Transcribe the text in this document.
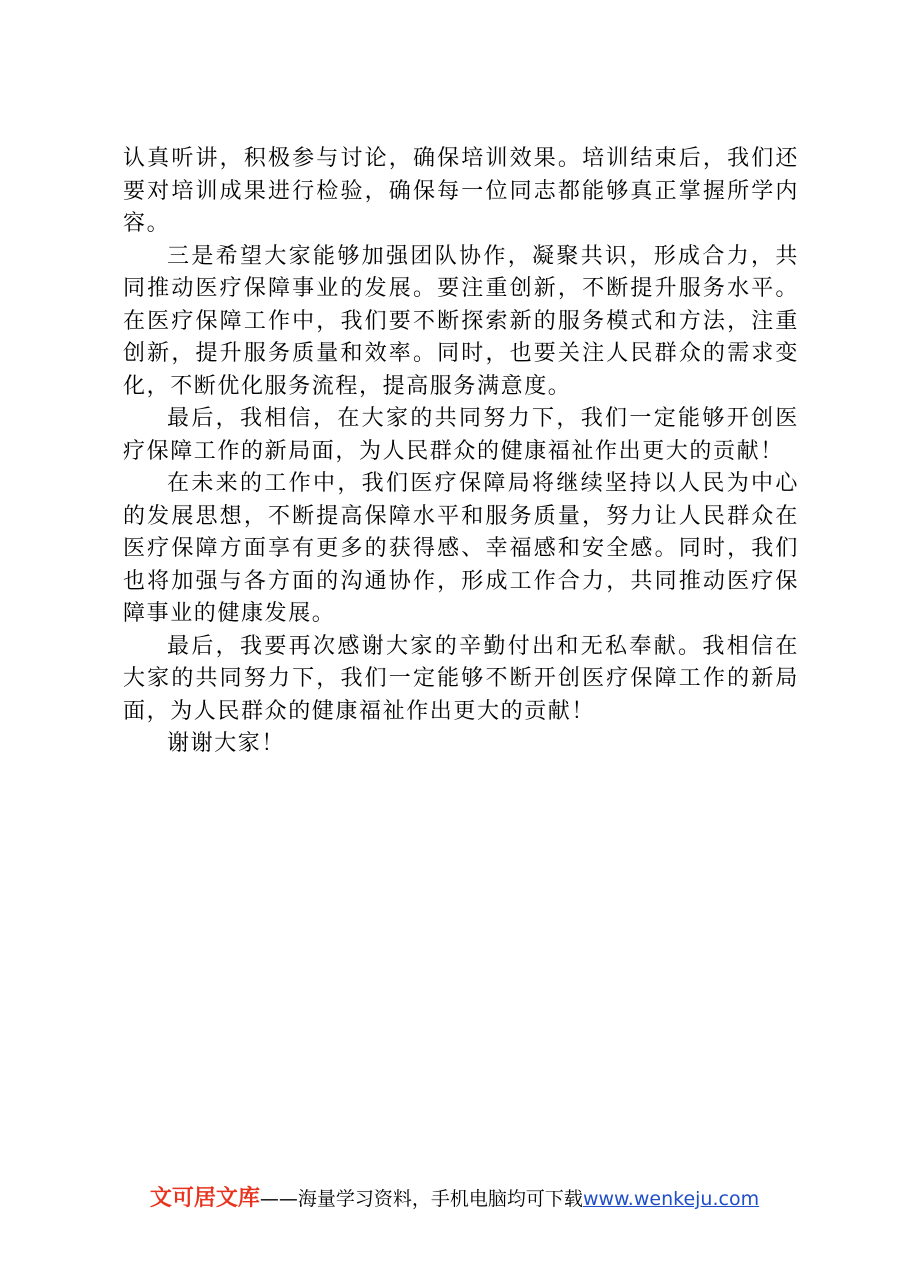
认真听讲，积极参与讨论，确保培训效果。培训结束后，我们还要对培训成果进行检验，确保每一位同志都能够真正掌握所学内容。

三是希望大家能够加强团队协作，凝聚共识，形成合力，共同推动医疗保障事业的发展。要注重创新，不断提升服务水平。在医疗保障工作中，我们要不断探索新的服务模式和方法，注重创新，提升服务质量和效率。同时，也要关注人民群众的需求变化，不断优化服务流程，提高服务满意度。

最后，我相信，在大家的共同努力下，我们一定能够开创医疗保障工作的新局面，为人民群众的健康福祉作出更大的贡献！

在未来的工作中，我们医疗保障局将继续坚持以人民为中心的发展思想，不断提高保障水平和服务质量，努力让人民群众在医疗保障方面享有更多的获得感、幸福感和安全感。同时，我们也将加强与各方面的沟通协作，形成工作合力，共同推动医疗保障事业的健康发展。

最后，我要再次感谢大家的辛勤付出和无私奉献。我相信在大家的共同努力下，我们一定能够不断开创医疗保障工作的新局面，为人民群众的健康福祉作出更大的贡献！

谢谢大家！

文可居文库——海量学习资料，手机电脑均可下载www.wenkeju.com
